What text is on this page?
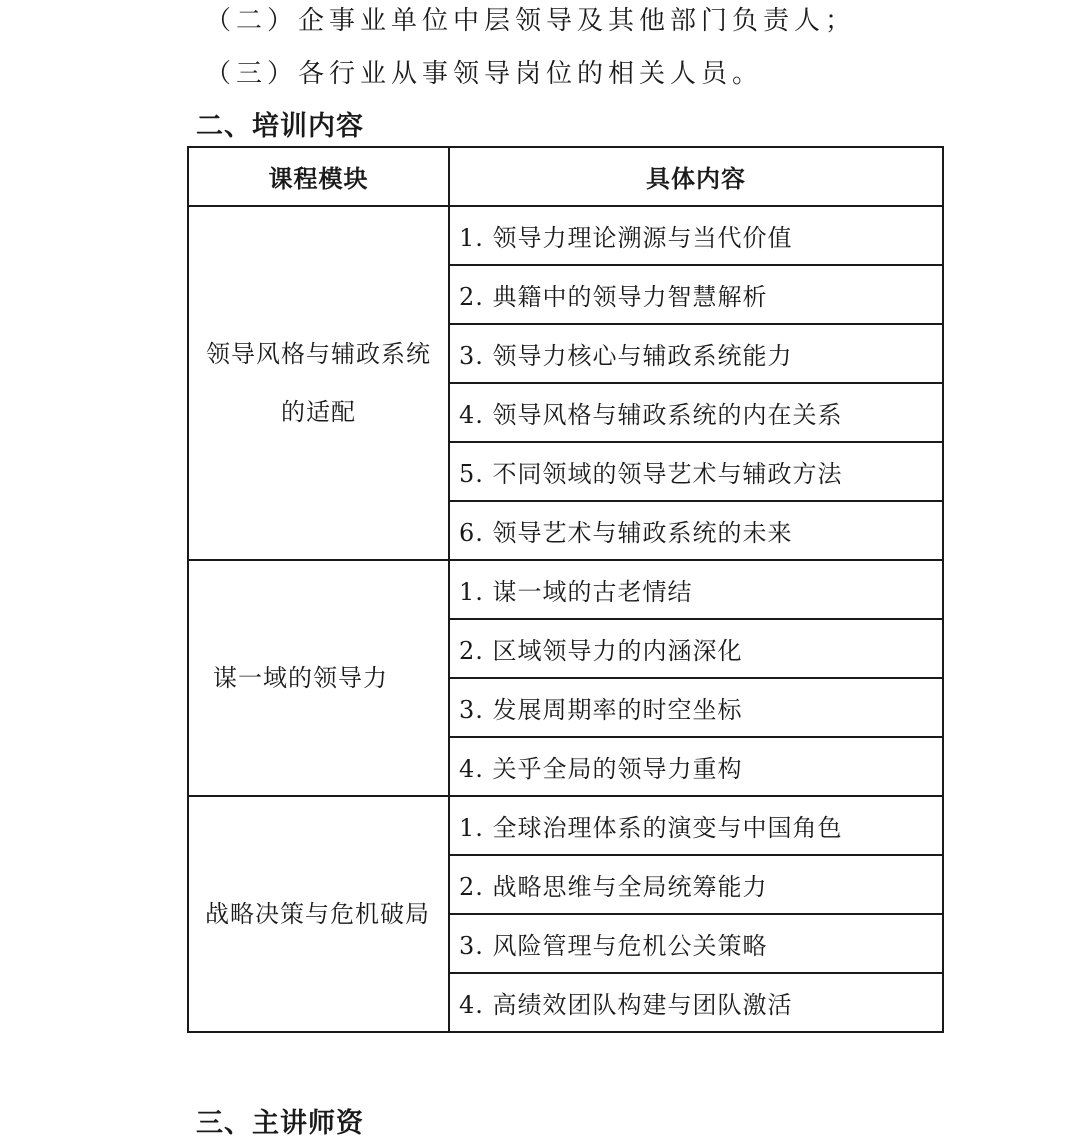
（二）企事业单位中层领导及其他部门负责人；
（三）各行业从事领导岗位的相关人员。
二、培训内容
课程模块	具体内容

领导风格与辅政系统的适配	1. 领导力理论溯源与当代价值
	2. 典籍中的领导力智慧解析
	3. 领导力核心与辅政系统能力
	4. 领导风格与辅政系统的内在关系
	5. 不同领域的领导艺术与辅政方法
	6. 领导艺术与辅政系统的未来

谋一域的领导力	1. 谋一域的古老情结
	2. 区域领导力的内涵深化
	3. 发展周期率的时空坐标
	4. 关乎全局的领导力重构

战略决策与危机破局	1. 全球治理体系的演变与中国角色
	2. 战略思维与全局统筹能力
	3. 风险管理与危机公关策略
	4. 高绩效团队构建与团队激活
三、主讲师资
